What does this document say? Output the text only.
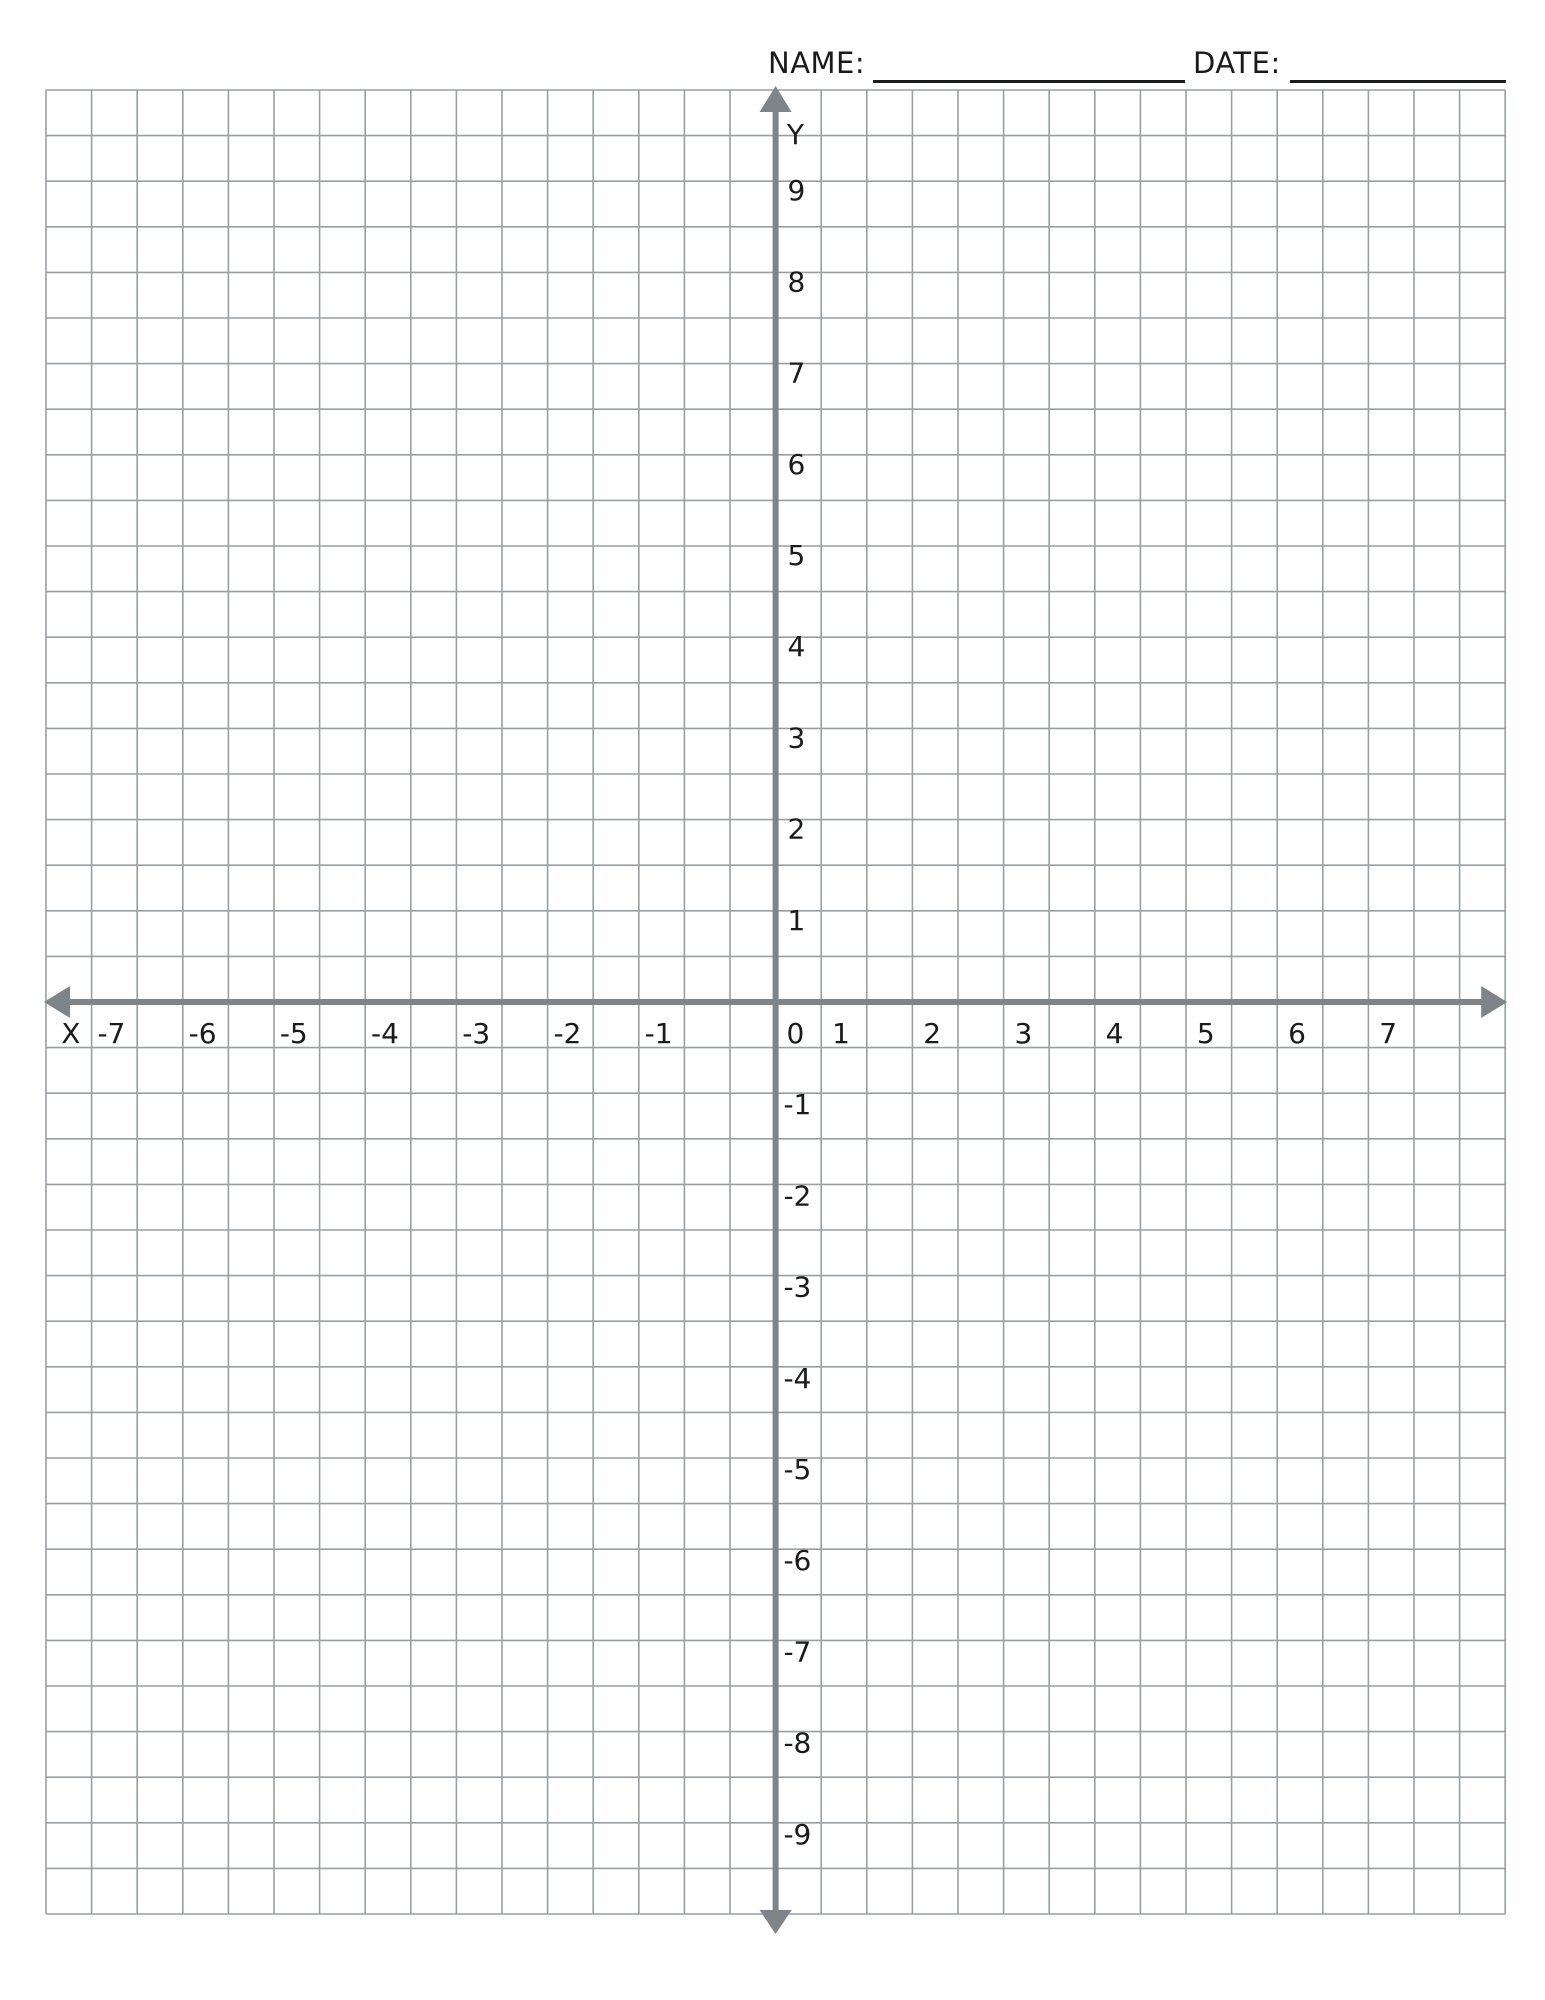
NAME:	DATE:
-7 -6 -5 -4 -3 -2 -1	1	2	3	4	5	6	7
0
X
9
8
7
6
5
4
3
2
1
-1
-2
-3
-4
-5
-6
-7
-8
-9
Y
